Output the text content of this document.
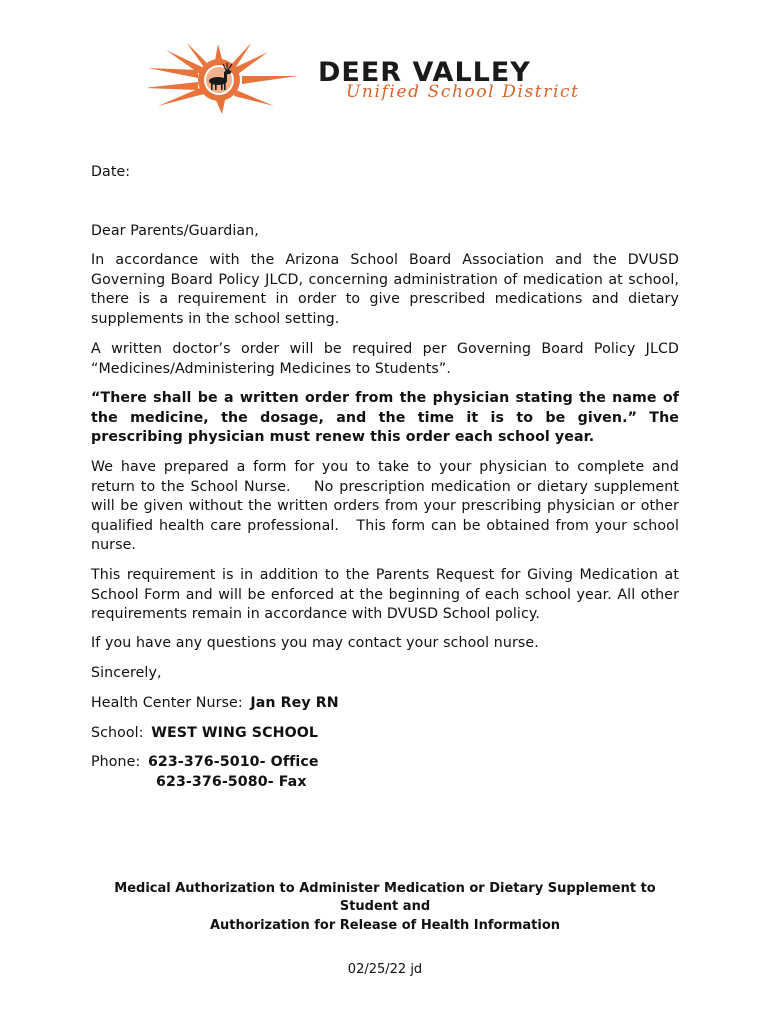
DEER VALLEY
Unified School District
Date:
Dear Parents/Guardian,
In accordance with the Arizona School Board Association and the DVUSD Governing Board Policy JLCD, concerning administration of medication at school, there is a requirement in order to give prescribed medications and dietary supplements in the school setting.
A written doctor’s order will be required per Governing Board Policy JLCD “Medicines/Administering Medicines to Students”.
“There shall be a written order from the physician stating the name of the medicine, the dosage, and the time it is to be given.” The prescribing physician must renew this order each school year.
We have prepared a form for you to take to your physician to complete and return to the School Nurse. No prescription medication or dietary supplement will be given without the written orders from your prescribing physician or other qualified health care professional. This form can be obtained from your school nurse.
This requirement is in addition to the Parents Request for Giving Medication at School Form and will be enforced at the beginning of each school year. All other requirements remain in accordance with DVUSD School policy.
If you have any questions you may contact your school nurse.
Sincerely,
Health Center Nurse: Jan Rey RN
School: WEST WING SCHOOL
Phone: 623-376-5010- Office
623-376-5080- Fax
Medical Authorization to Administer Medication or Dietary Supplement to
Student and
Authorization for Release of Health Information
02/25/22 jd
